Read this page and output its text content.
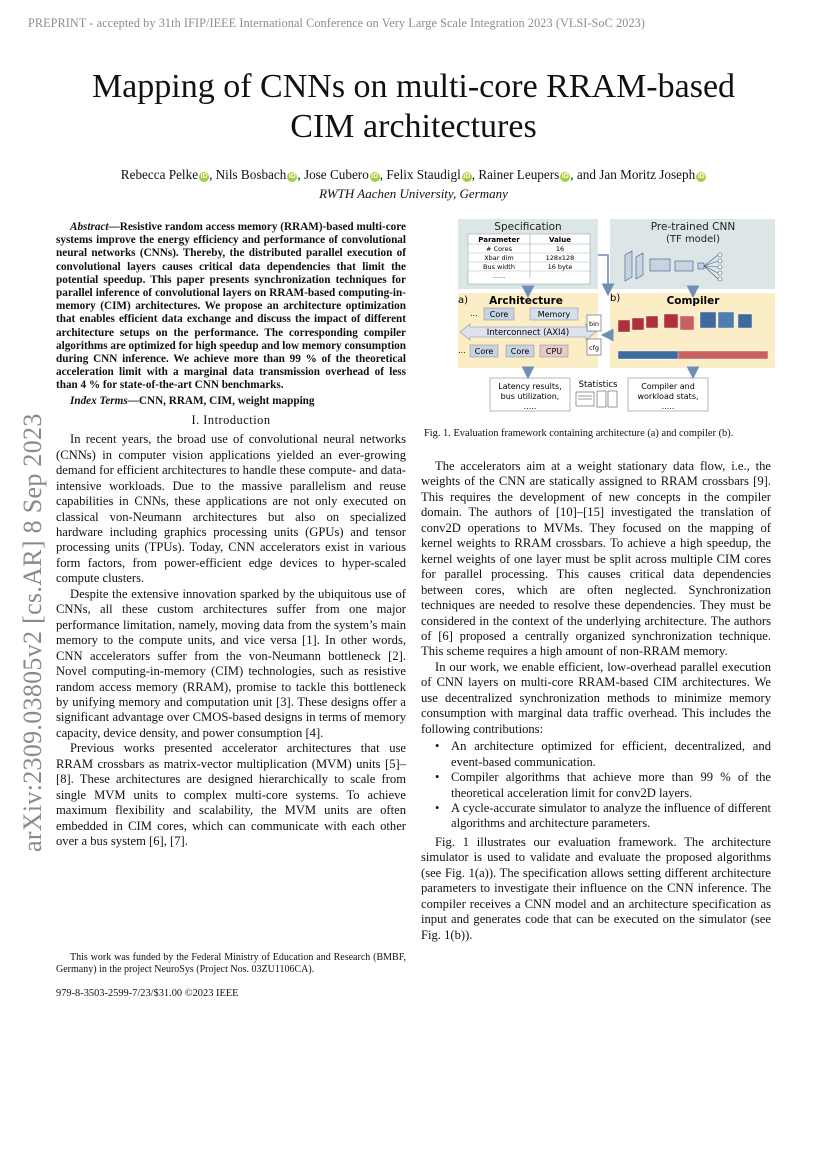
PREPRINT - accepted by 31th IFIP/IEEE International Conference on Very Large Scale Integration 2023 (VLSI-SoC 2023)
Mapping of CNNs on multi-core RRAM-based CIM architectures
Rebecca Pelke iD , Nils Bosbach iD , Jose Cubero iD , Felix Staudigl iD , Rainer Leupers iD , and Jan Moritz Joseph iD
RWTH Aachen University, Germany
arXiv:2309.03805v2 [cs.AR] 8 Sep 2023

Abstract—Resistive random access memory (RRAM)-based multi-core systems improve the energy efficiency and performance of convolutional neural networks (CNNs). Thereby, the distributed parallel execution of convolutional layers causes critical data dependencies that limit the potential speedup. This paper presents synchronization techniques for parallel inference of convolutional layers on RRAM-based computing-in-memory (CIM) architectures. We propose an architecture optimization that enables efficient data exchange and discuss the impact of different architecture setups on the performance. The corresponding compiler algorithms are optimized for high speedup and low memory consumption during CNN inference. We achieve more than 99 % of the theoretical acceleration limit with a marginal data transmission overhead of less than 4 % for state-of-the-art CNN benchmarks.

Index Terms—CNN, RRAM, CIM, weight mapping

I. Introduction

In recent years, the broad use of convolutional neural networks (CNNs) in computer vision applications yielded an ever-growing demand for efficient architectures to handle these compute- and data-intensive workloads. Due to the massive parallelism and reuse capabilities in CNNs, these applications are not only executed on classical von-Neumann architectures but also on specialized hardware including graphics processing units (GPUs) and tensor processing units (TPUs). Today, CNN accelerators exist in various form factors, from power-efficient edge devices to hyper-scaled compute clusters.

Despite the extensive innovation sparked by the ubiquitous use of CNNs, all these custom architectures suffer from one major performance limitation, namely, moving data from the system’s main memory to the compute units, and vice versa [1]. In other words, CNN accelerators suffer from the von-Neumann bottleneck [2]. Novel computing-in-memory (CIM) technologies, such as resistive random access memory (RRAM), promise to tackle this bottleneck by unifying memory and computation unit [3]. These designs offer a significant advantage over CMOS-based designs in terms of memory capacity, device density, and power consumption [4].

Previous works presented accelerator architectures that use RRAM crossbars as matrix-vector multiplication (MVM) units [5]–[8]. These architectures are designed hierarchically to scale from single MVM units to complex multi-core systems. To achieve maximum flexibility and scalability, the MVM units are often embedded in CIM cores, which can communicate with each other over a bus system [6], [7].

This work was funded by the Federal Ministry of Education and Research (BMBF, Germany) in the project NeuroSys (Project Nos. 03ZU1106CA).
979-8-3503-2599-7/23/$31.00 ©2023 IEEE
Specification
Parameter	Value
# Cores	16
Xbar dim	128x128
Bus width	16 byte
......
Pre-trained CNN
(TF model)
a) Architecture
... Core	Memory
Interconnect (AXI4)
... Core Core CPU
bin
cfg
b)	Compiler
Latency results,
bus utilization,
.....
Statistics	Compiler and
workload stats,
.....
Fig. 1. Evaluation framework containing architecture (a) and compiler (b).

The accelerators aim at a weight stationary data flow, i.e., the weights of the CNN are statically assigned to RRAM crossbars [9]. This requires the development of new concepts in the compiler domain. The authors of [10]–[15] investigated the translation of conv2D operations to MVMs. They focused on the mapping of kernel weights to RRAM crossbars. To achieve a high speedup, the kernel weights of one layer must be split across multiple CIM cores for parallel processing. This causes critical data dependencies between cores, which are often neglected. Synchronization techniques are needed to resolve these dependencies. They must be considered in the context of the underlying architecture. The authors of [6] proposed a centrally organized synchronization technique. This scheme requires a high amount of non-RRAM memory.

In our work, we enable efficient, low-overhead parallel execution of CNN layers on multi-core RRAM-based CIM architectures. We use decentralized synchronization methods to minimize memory consumption with marginal data traffic overhead. This includes the following contributions:

• An architecture optimized for efficient, decentralized, and event-based communication.
• Compiler algorithms that achieve more than 99 % of the theoretical acceleration limit for conv2D layers.
• A cycle-accurate simulator to analyze the influence of different algorithms and architecture parameters.

Fig. 1 illustrates our evaluation framework. The architecture simulator is used to validate and evaluate the proposed algorithms (see Fig. 1(a)). The specification allows setting different architecture parameters to investigate their influence on the CNN inference. The compiler receives a CNN model and an architecture specification as input and generates code that can be executed on the simulator (see Fig. 1(b)).
